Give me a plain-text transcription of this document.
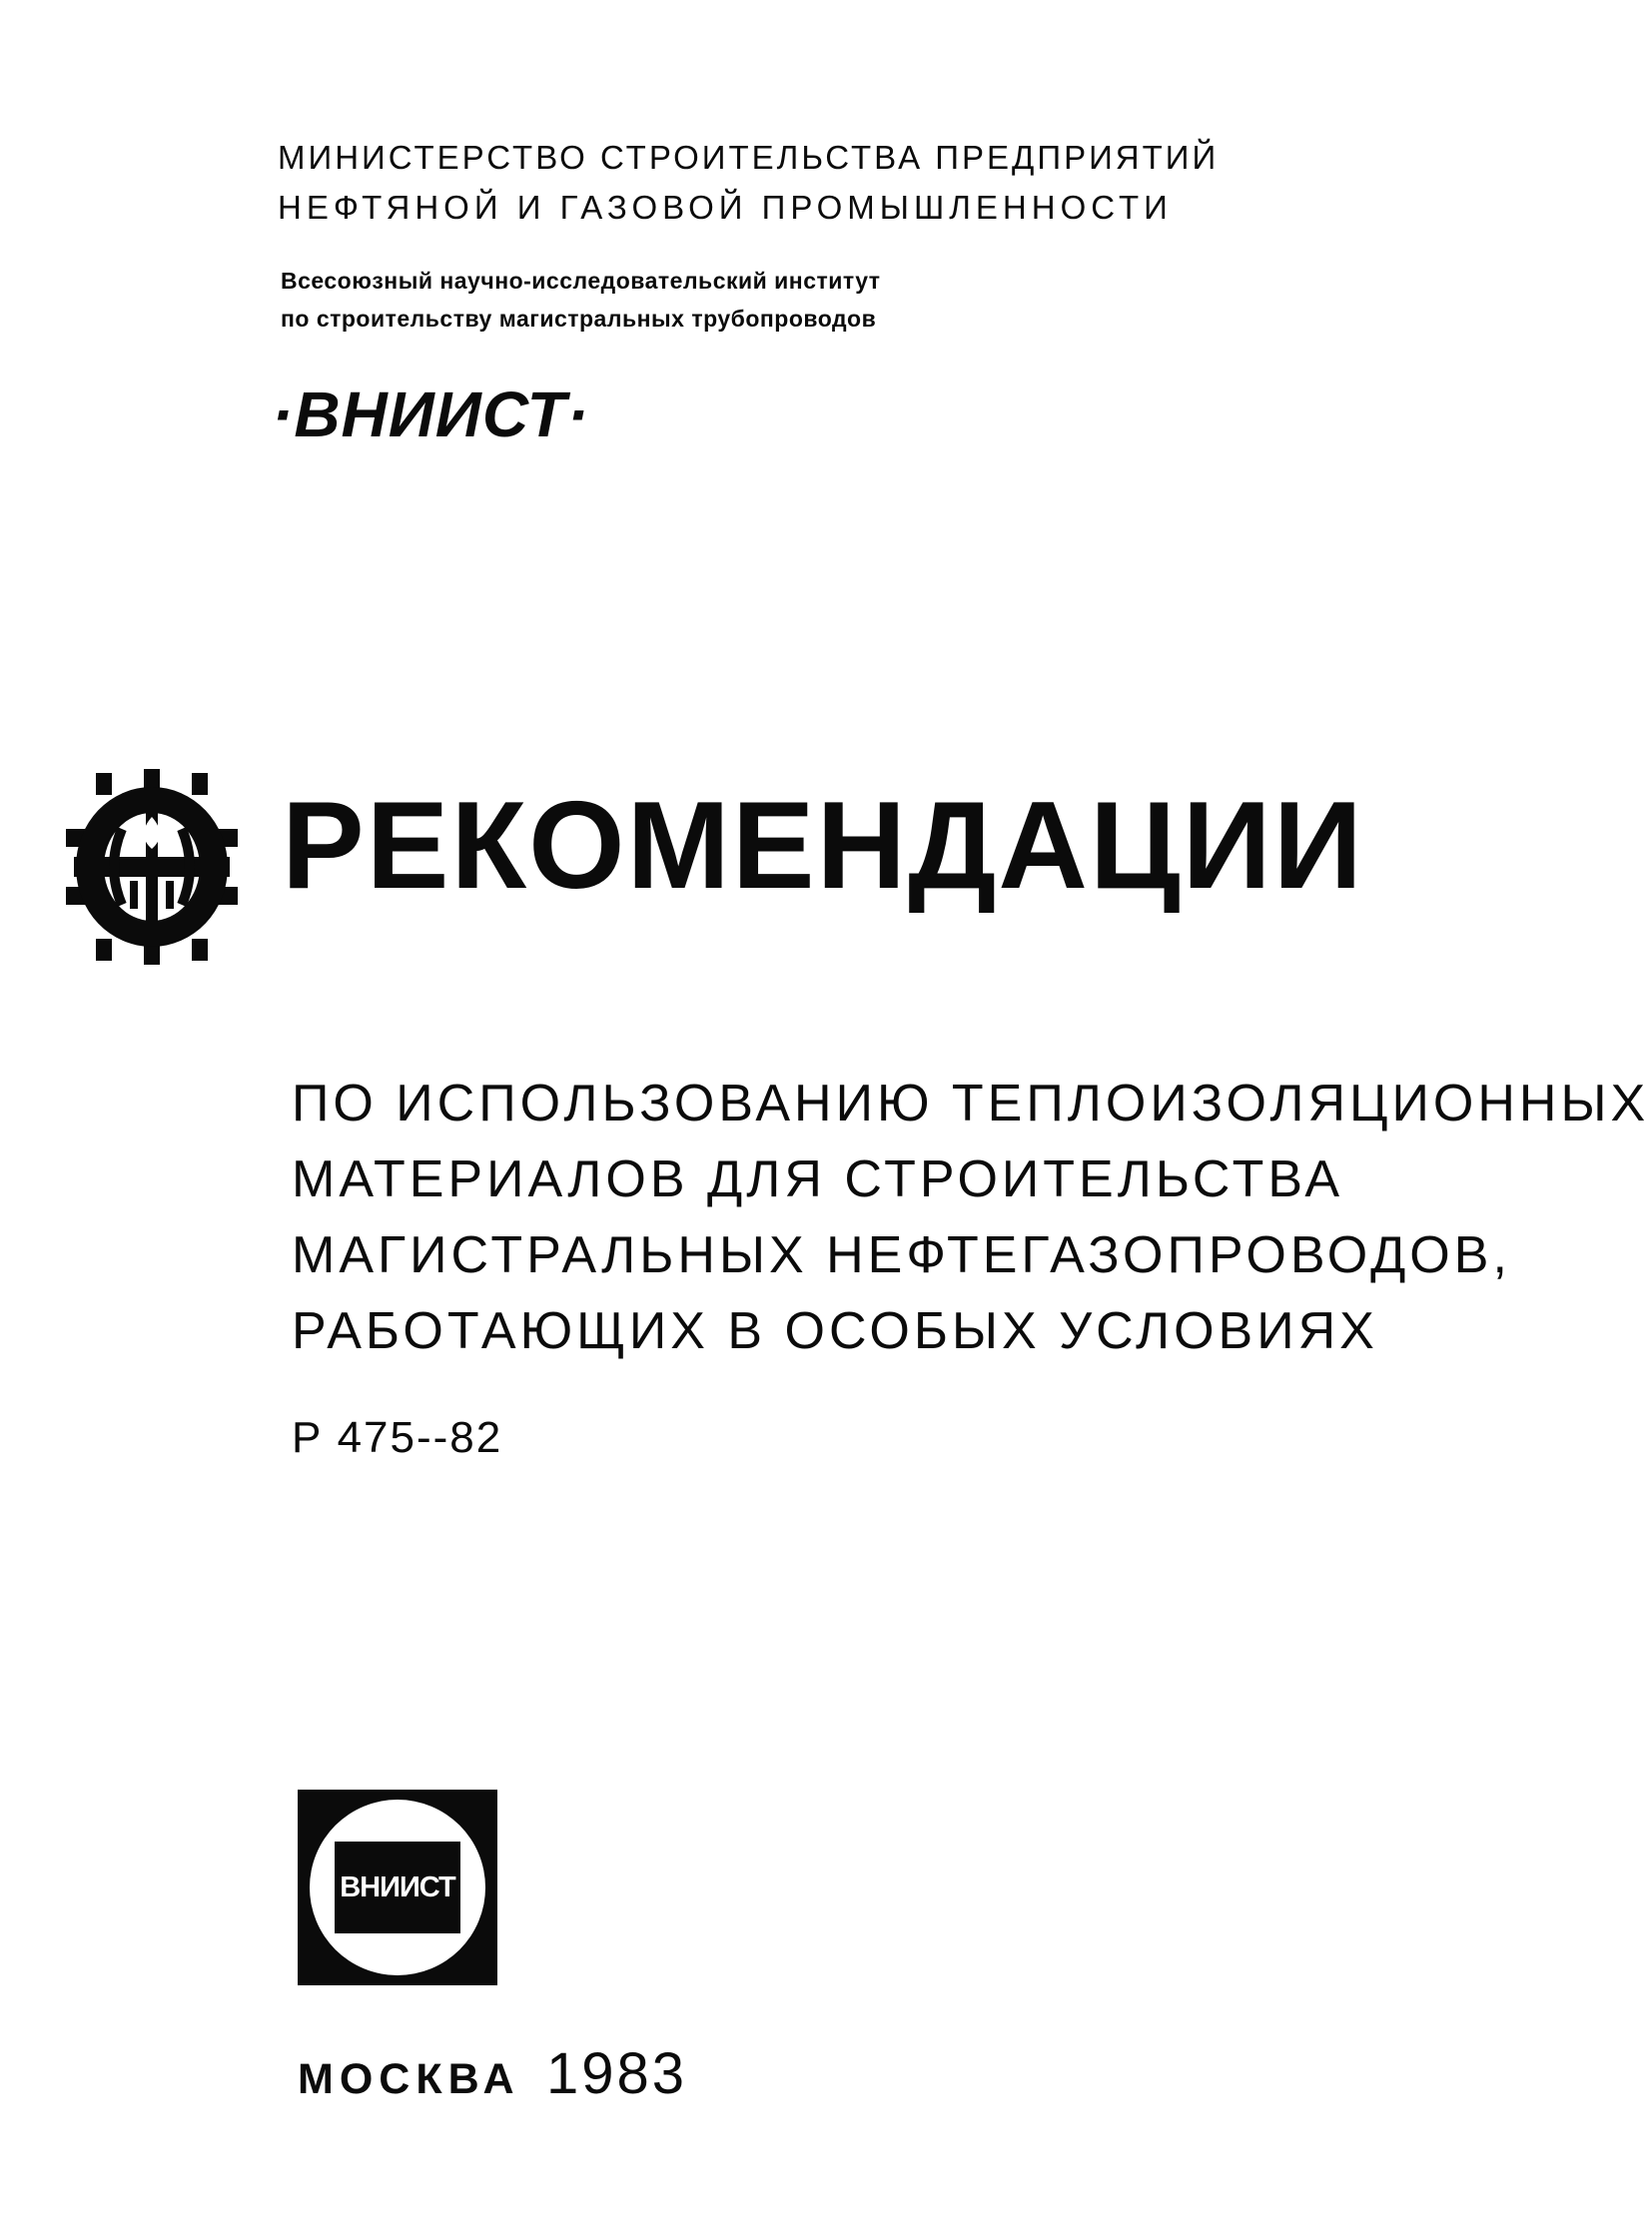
МИНИСТЕРСТВО СТРОИТЕЛЬСТВА ПРЕДПРИЯТИЙ
НЕФТЯНОЙ И ГАЗОВОЙ ПРОМЫШЛЕННОСТИ
Всесоюзный научно-исследовательский институт
по строительству магистральных трубопроводов
·ВНИИСТ·
РЕКОМЕНДАЦИИ
ПО ИСПОЛЬЗОВАНИЮ ТЕПЛОИЗОЛЯЦИОННЫХ
МАТЕРИАЛОВ ДЛЯ СТРОИТЕЛЬСТВА
МАГИСТРАЛЬНЫХ НЕФТЕГАЗОПРОВОДОВ,
РАБОТАЮЩИХ В ОСОБЫХ УСЛОВИЯХ
Р 475--82
ВНИИСТ
МОСКВА 1983
